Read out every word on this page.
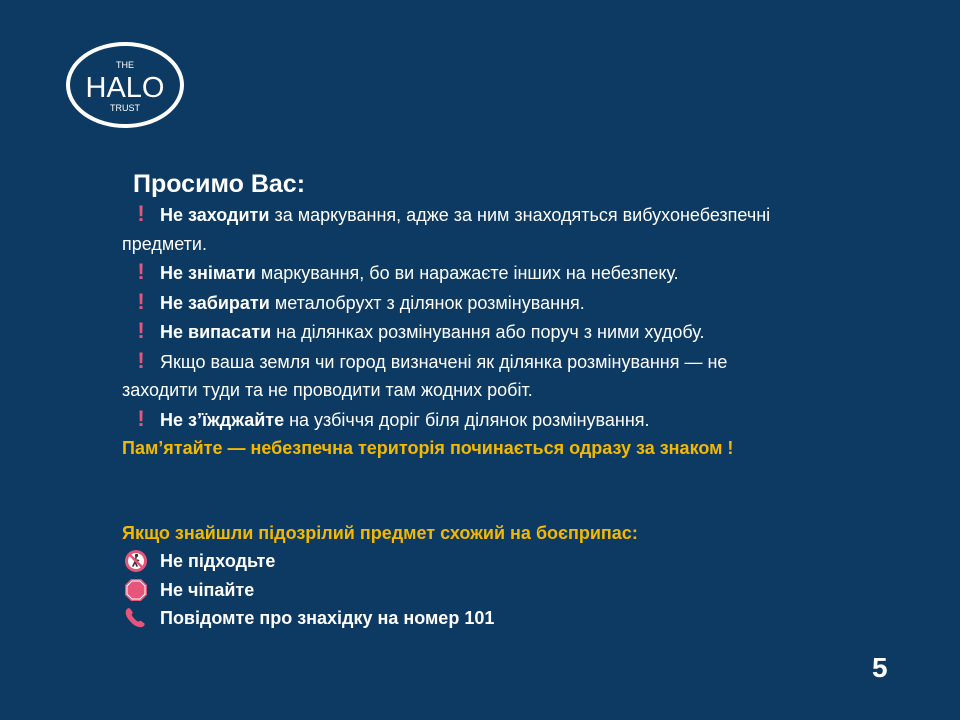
THE
HALO
TRUST
Просимо Вас:
! Не заходити за маркування, адже за ним знаходяться вибухонебезпечні
предмети.
! Не знімати маркування, бо ви наражаєте інших на небезпеку.
! Не забирати металобрухт з ділянок розмінування.
! Не випасати на ділянках розмінування або поруч з ними худобу.
! Якщо ваша земля чи город визначені як ділянка розмінування — не
заходити туди та не проводити там жодних робіт.
! Не з’їжджайте на узбіччя доріг біля ділянок розмінування.
Пам’ятайте — небезпечна територія починається одразу за знаком !
Якщо знайшли підозрілий предмет схожий на боєприпас:
Не підходьте
Не чіпайте
Повідомте про знахідку на номер 101
5
